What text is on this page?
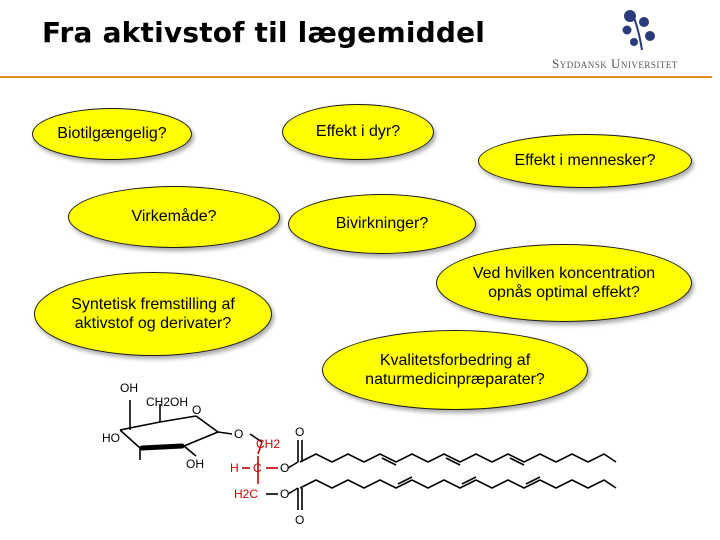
Fra aktivstof til lægemiddel
Syddansk Universitet
Biotilgængelig?	Effekt i dyr?
Effekt i mennesker?
Virkemåde?	Bivirkninger?
Ved hvilken koncentration opnås optimal effekt?
Syntetisk fremstilling af aktivstof og derivater?
Kvalitetsforbedring af naturmedicinpræparater?
OH
CH2OH
O
HO
OH
O
CH2
H C
H2C
O
O
O
O
